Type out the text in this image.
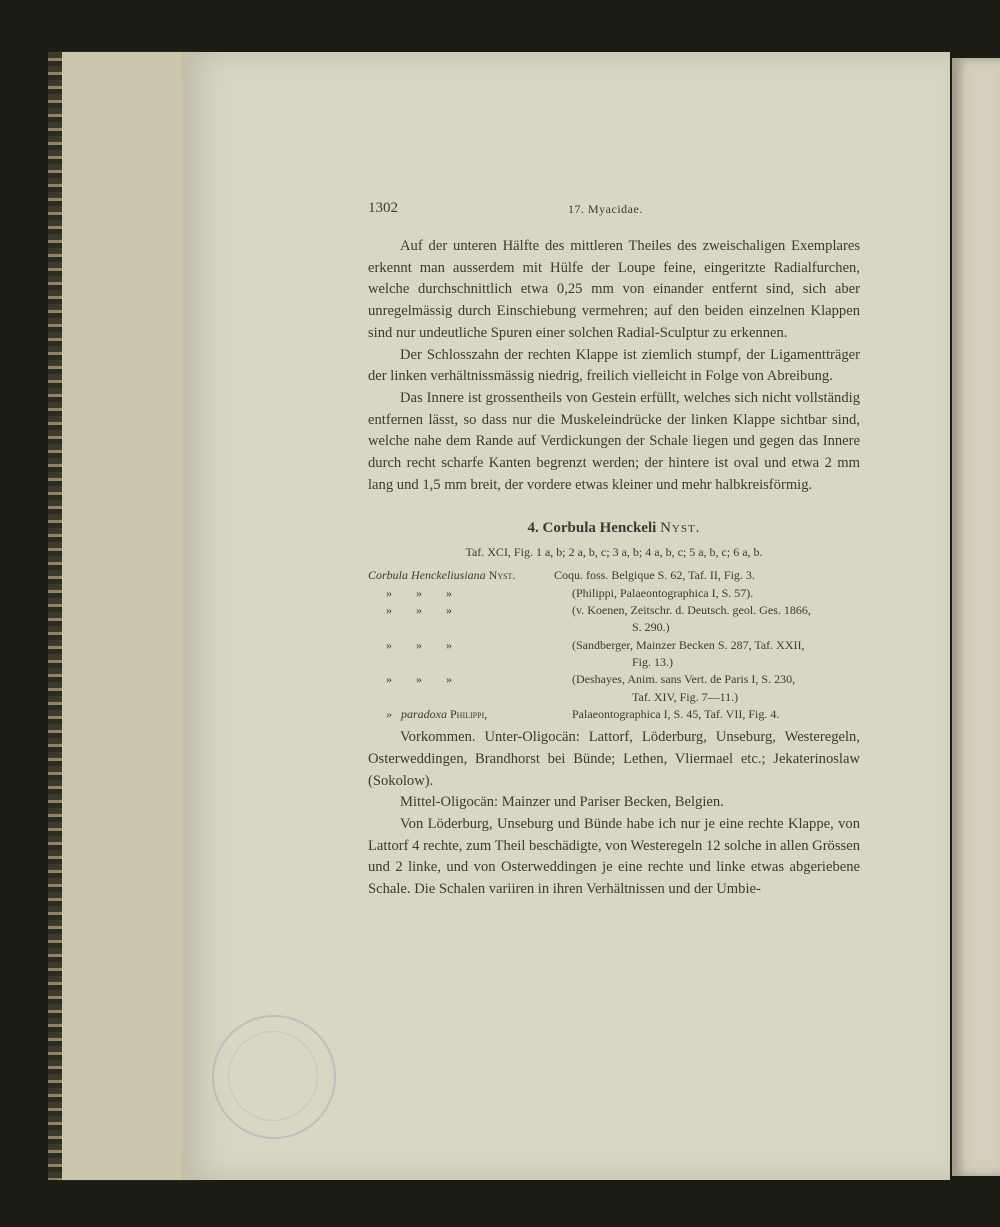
1302	17. Myacidae.

Auf der unteren Hälfte des mittleren Theiles des zweischaligen Exemplares erkennt man ausserdem mit Hülfe der Loupe feine, eingeritzte Radialfurchen, welche durchschnittlich etwa 0,25 mm von einander entfernt sind, sich aber unregelmässig durch Einschiebung vermehren; auf den beiden einzelnen Klappen sind nur undeutliche Spuren einer solchen Radial-Sculptur zu erkennen.

Der Schlosszahn der rechten Klappe ist ziemlich stumpf, der Ligamentträger der linken verhältnissmässig niedrig, freilich vielleicht in Folge von Abreibung.

Das Innere ist grossentheils von Gestein erfüllt, welches sich nicht vollständig entfernen lässt, so dass nur die Muskeleindrücke der linken Klappe sichtbar sind, welche nahe dem Rande auf Verdickungen der Schale liegen und gegen das Innere durch recht scharfe Kanten begrenzt werden; der hintere ist oval und etwa 2 mm lang und 1,5 mm breit, der vordere etwas kleiner und mehr halbkreisförmig.

4. Corbula Henckeli Nyst.
Taf. XCI, Fig. 1 a, b; 2 a, b, c; 3 a, b; 4 a, b, c; 5 a, b, c; 6 a, b.
Corbula Henckeliusiana Nyst.	Coqu. foss. Belgique S. 62, Taf. II, Fig. 3.
»        »        »	(Philippi, Palaeontographica I, S. 57).
»        »        »	(v. Koenen, Zeitschr. d. Deutsch. geol. Ges. 1866,
S. 290.)
»        »        »	(Sandberger, Mainzer Becken S. 287, Taf. XXII,
Fig. 13.)
»        »        »	(Deshayes, Anim. sans Vert. de Paris I, S. 230,
Taf. XIV, Fig. 7—11.)
»   paradoxa Philippi,	Palaeontographica I, S. 45, Taf. VII, Fig. 4.

Vorkommen. Unter-Oligocän: Lattorf, Löderburg, Unseburg, Westeregeln, Osterweddingen, Brandhorst bei Bünde; Lethen, Vliermael etc.; Jekaterinoslaw (Sokolow).

Mittel-Oligocän: Mainzer und Pariser Becken, Belgien.

Von Löderburg, Unseburg und Bünde habe ich nur je eine rechte Klappe, von Lattorf 4 rechte, zum Theil beschädigte, von Westeregeln 12 solche in allen Grössen und 2 linke, und von Osterweddingen je eine rechte und linke etwas abgeriebene Schale. Die Schalen variiren in ihren Verhältnissen und der Umbie-
